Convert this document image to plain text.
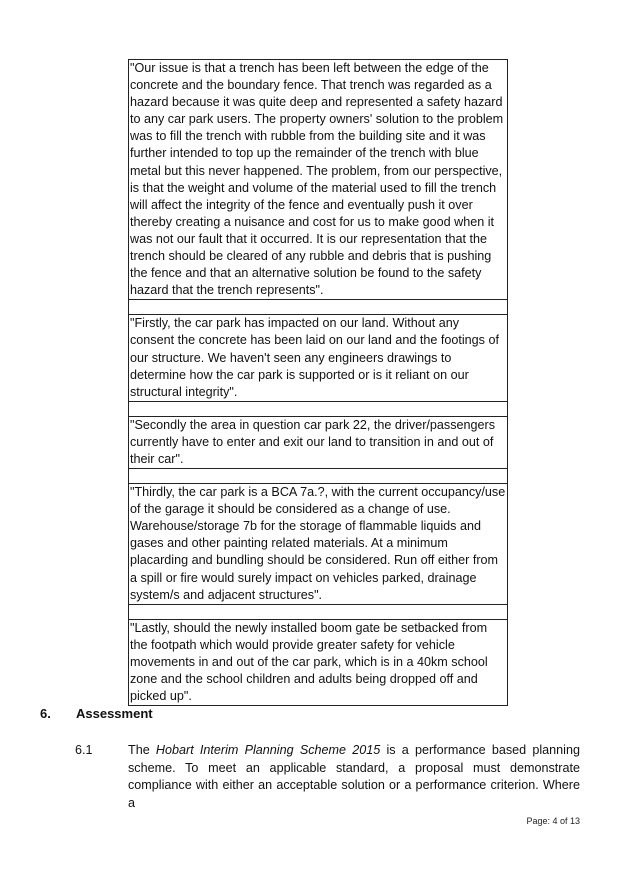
"Our issue is that a trench has been left between the edge of the concrete and the boundary fence. That trench was regarded as a hazard because it was quite deep and represented a safety hazard to any car park users. The property owners' solution to the problem was to fill the trench with rubble from the building site and it was further intended to top up the remainder of the trench with blue metal but this never happened. The problem, from our perspective, is that the weight and volume of the material used to fill the trench will affect the integrity of the fence and eventually push it over thereby creating a nuisance and cost for us to make good when it was not our fault that it occurred. It is our representation that the trench should be cleared of any rubble and debris that is pushing the fence and that an alternative solution be found to the safety hazard that the trench represents".

"Firstly, the car park has impacted on our land. Without any consent the concrete has been laid on our land and the footings of our structure. We haven't seen any engineers drawings to determine how the car park is supported or is it reliant on our structural integrity".

"Secondly the area in question car park 22, the driver/passengers currently have to enter and exit our land to transition in and out of their car".

"Thirdly, the car park is a BCA 7a.?, with the current occupancy/use of the garage it should be considered as a change of use. Warehouse/storage 7b for the storage of flammable liquids and gases and other painting related materials. At a minimum placarding and bundling should be considered. Run off either from a spill or fire would surely impact on vehicles parked, drainage system/s and adjacent structures".

"Lastly, should the newly installed boom gate be setbacked from the footpath which would provide greater safety for vehicle movements in and out of the car park, which is in a 40km school zone and the school children and adults being dropped off and picked up".
6.	Assessment
6.1	The Hobart Interim Planning Scheme 2015 is a performance based planning scheme. To meet an applicable standard, a proposal must demonstrate compliance with either an acceptable solution or a performance criterion. Where a
Page: 4 of 13
